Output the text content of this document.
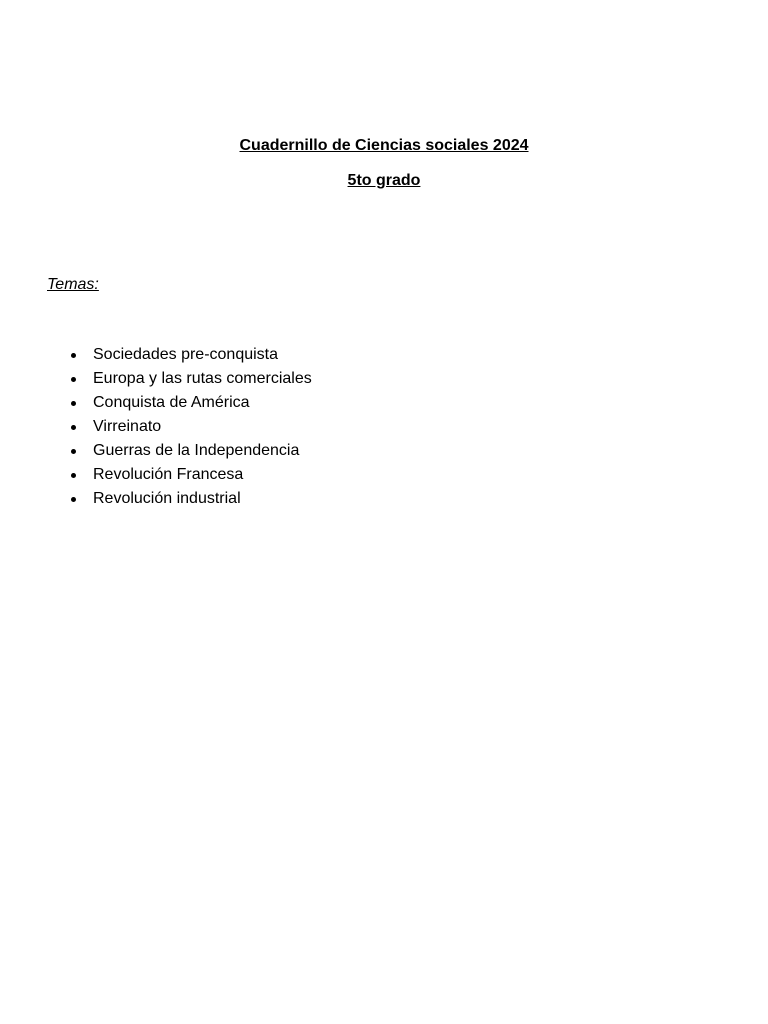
Cuadernillo de Ciencias sociales 2024
5to grado

Temas:

Sociedades pre-conquista
Europa y las rutas comerciales
Conquista de América
Virreinato
Guerras de la Independencia
Revolución Francesa
Revolución industrial
